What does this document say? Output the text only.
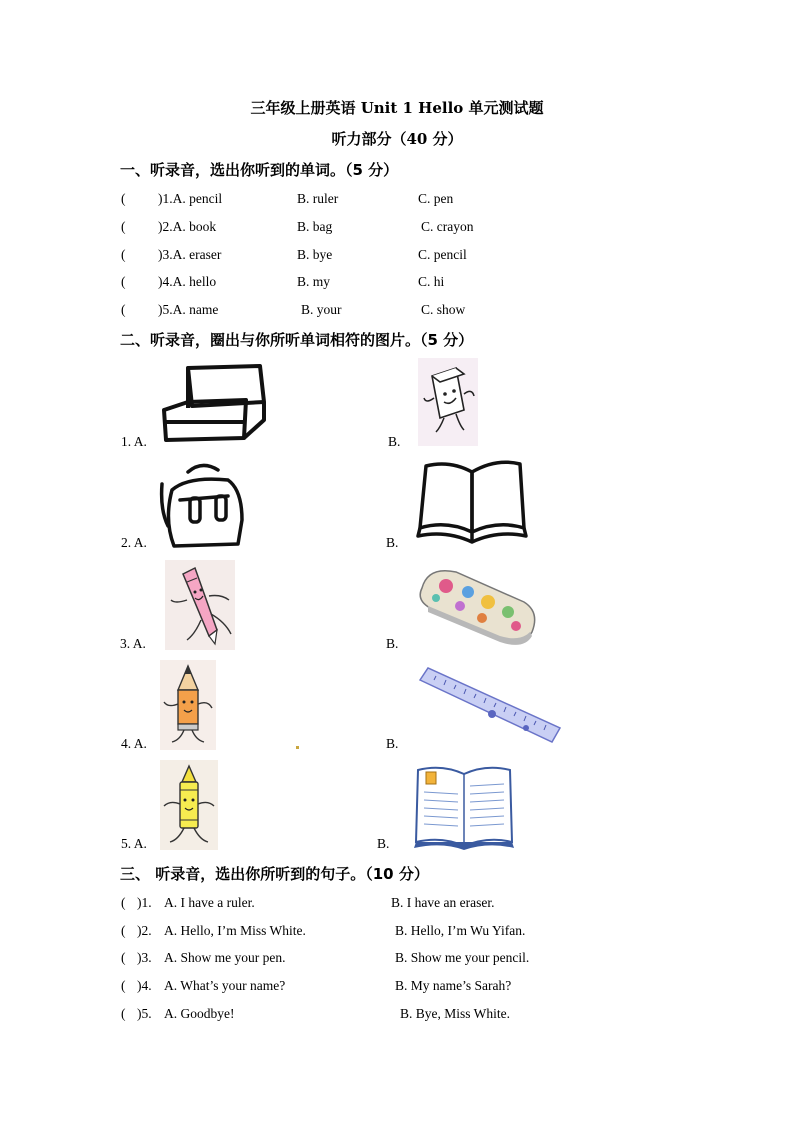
三年级上册英语 Unit 1 Hello 单元测试题
听力部分（40 分）
一、听录音，选出你听到的单词。（5 分）
( )1.A. pencil	B. ruler	C. pen
( )2.A. book	B. bag	C. crayon
( )3.A. eraser	B. bye	C. pencil
( )4.A. hello	B. my	C. hi
( )5.A. name	B. your	C. show
二、听录音，圈出与你所听单词相符的图片。（5 分）
1. A.	B.
2. A.	B.
3. A.	B.
4. A.	B.
5. A.	B.
三、 听录音，选出你所听到的句子。（10 分）
( )1. A. I have a ruler.	B. I have an eraser.
( )2. A. Hello, I’m Miss White.	B. Hello, I’m Wu Yifan.
( )3. A. Show me your pen.	B. Show me your pencil.
( )4. A. What’s your name?	B. My name’s Sarah?
( )5. A. Goodbye!	B. Bye, Miss White.
